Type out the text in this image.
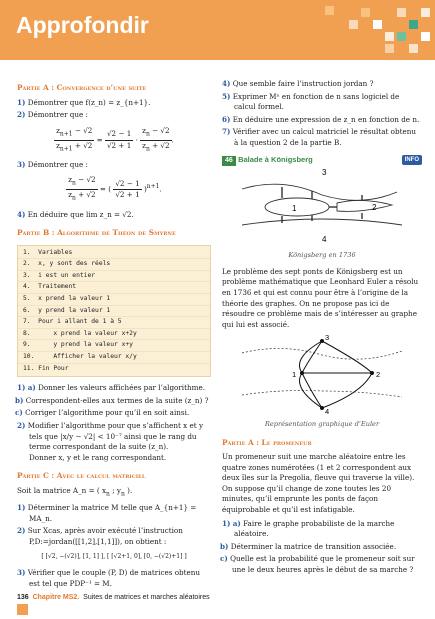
Approfondir
Partie A : Convergence d’une suite

1) Démontrer que f(z_n) = z_{n+1}.

2) Démontrer que :

$\frac{z_{n+1} - √2}{z_{n+1} + √2} = \frac{√2 - 1}{√2 + 1} \cdot \frac{z_n - √2}{z_n + √2}$ .

3) Démontrer que :

$\frac{z_n - √2}{z_n + √2}$ = ( $\frac{√2 - 1}{√2 + 1} )^{n+1}$.

4) En déduire que lim z_n = √2.

Partie B : Algorithme de Théon de Smyrne
1.  Variables
2.  x, y sont des réels
3.  i est un entier
4.  Traitement
5.  x prend la valeur 1
6.  y prend la valeur 1
7.  Pour i allant de 1 à 5
8.      x prend la valeur x+2y
9.      y prend la valeur x+y
10.     Afficher la valeur x/y
11. Fin Pour

1) a) Donner les valeurs affichées par l’algorithme.

b) Correspondent-elles aux termes de la suite (z_n) ?

c) Corriger l’algorithme pour qu’il en soit ainsi.

2) Modifier l’algorithme pour que s’affichent x et y tels que |x/y − √2| < 10⁻⁷ ainsi que le rang du terme correspondant de la suite (z_n).
Donner x, y et le rang correspondant.

Partie C : Avec le calcul matriciel

Soit la matrice A_n = ( $x_n$ ; $y_n$ ).

1) Déterminer la matrice M telle que A_{n+1} = MA_n.

2) Sur Xcas, après avoir exécuté l’instruction P,D:=jordan([[1,2],[1,1]]), on obtient :

[ [√2, −(√2)], [1, 1] ], [ [√2+1, 0], [0, −(√2)+1] ]

3) Vérifier que le couple (P, D) de matrices obtenu est tel que PDP⁻¹ = M.

4) Que semble faire l’instruction jordan ?

5) Exprimer Mⁿ en fonction de n sans logiciel de calcul formel.

6) En déduire une expression de z_n en fonction de n.

7) Vérifier avec un calcul matriciel le résultat obtenu à la question 2 de la partie B.

46 Balade à Königsberg	INFO
3
1	2
4
Königsberg en 1736

Le problème des sept ponts de Königsberg est un problème mathématique que Leonhard Euler a résolu en 1736 et qui est connu pour être à l’origine de la théorie des graphes. On ne propose pas ici de résoudre ce problème mais de s’intéresser au graphe qui lui est associé.

3
1	2
4
Représentation graphique d’Euler
Partie A : Le promeneur

Un promeneur suit une marche aléatoire entre les quatre zones numérotées (1 et 2 correspondent aux deux îles sur la Pregolia, fleuve qui traverse la ville). On suppose qu’il change de zone toutes les 20 minutes, qu’il emprunte les ponts de façon équiprobable et qu’il est infatigable.

1) a) Faire le graphe probabiliste de la marche aléatoire.

b) Déterminer la matrice de transition associée.

c) Quelle est la probabilité que le promeneur soit sur une le deux heures après le début de sa marche ?

136 Chapitre MS2. Suites de matrices et marches aléatoires
